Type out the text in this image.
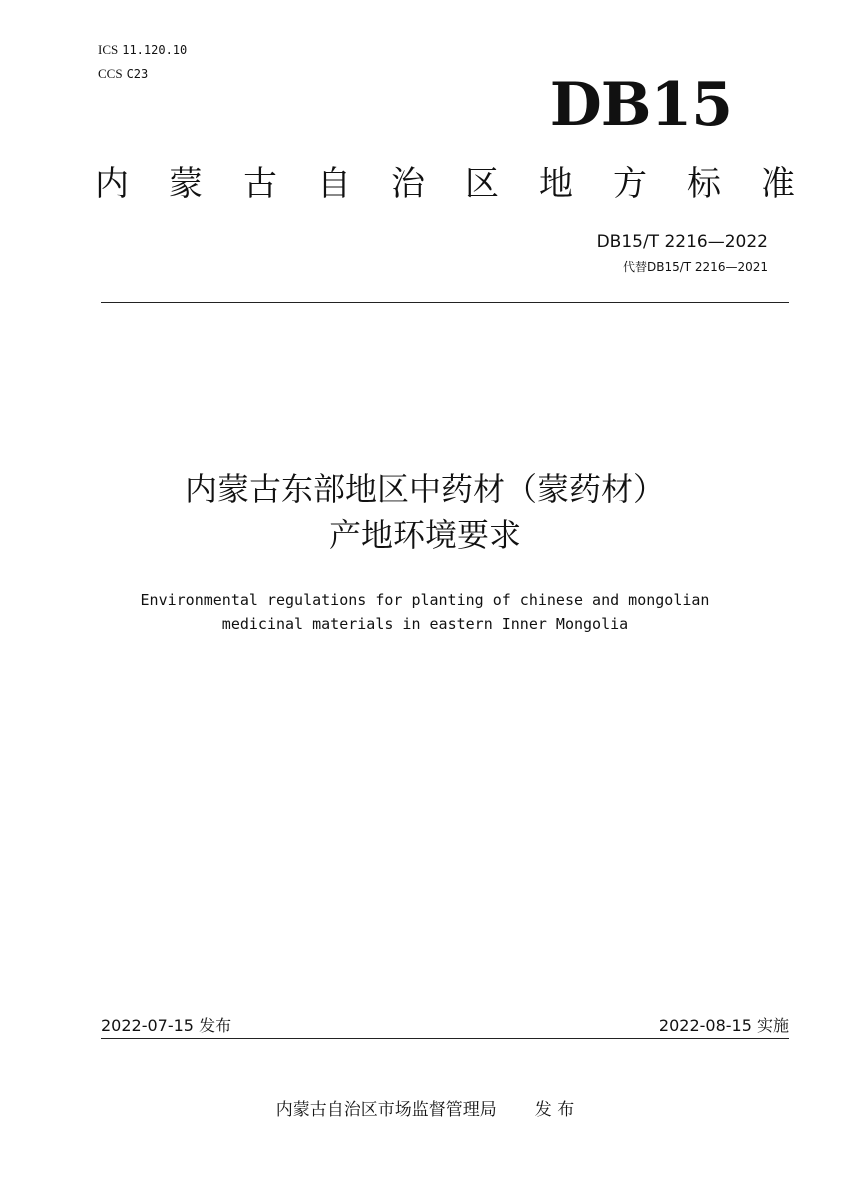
ICS 11.120.10
CCS C23	DB15
内 蒙 古 自 治 区 地 方 标 准
DB15/T 2216—2022
代替DB15/T 2216—2021
内蒙古东部地区中药材（蒙药材）
产地环境要求
Environmental regulations for planting of chinese and mongolian
medicinal materials in eastern Inner Mongolia
2022-07-15 发布	2022-08-15 实施
内蒙古自治区市场监督管理局 发 布
